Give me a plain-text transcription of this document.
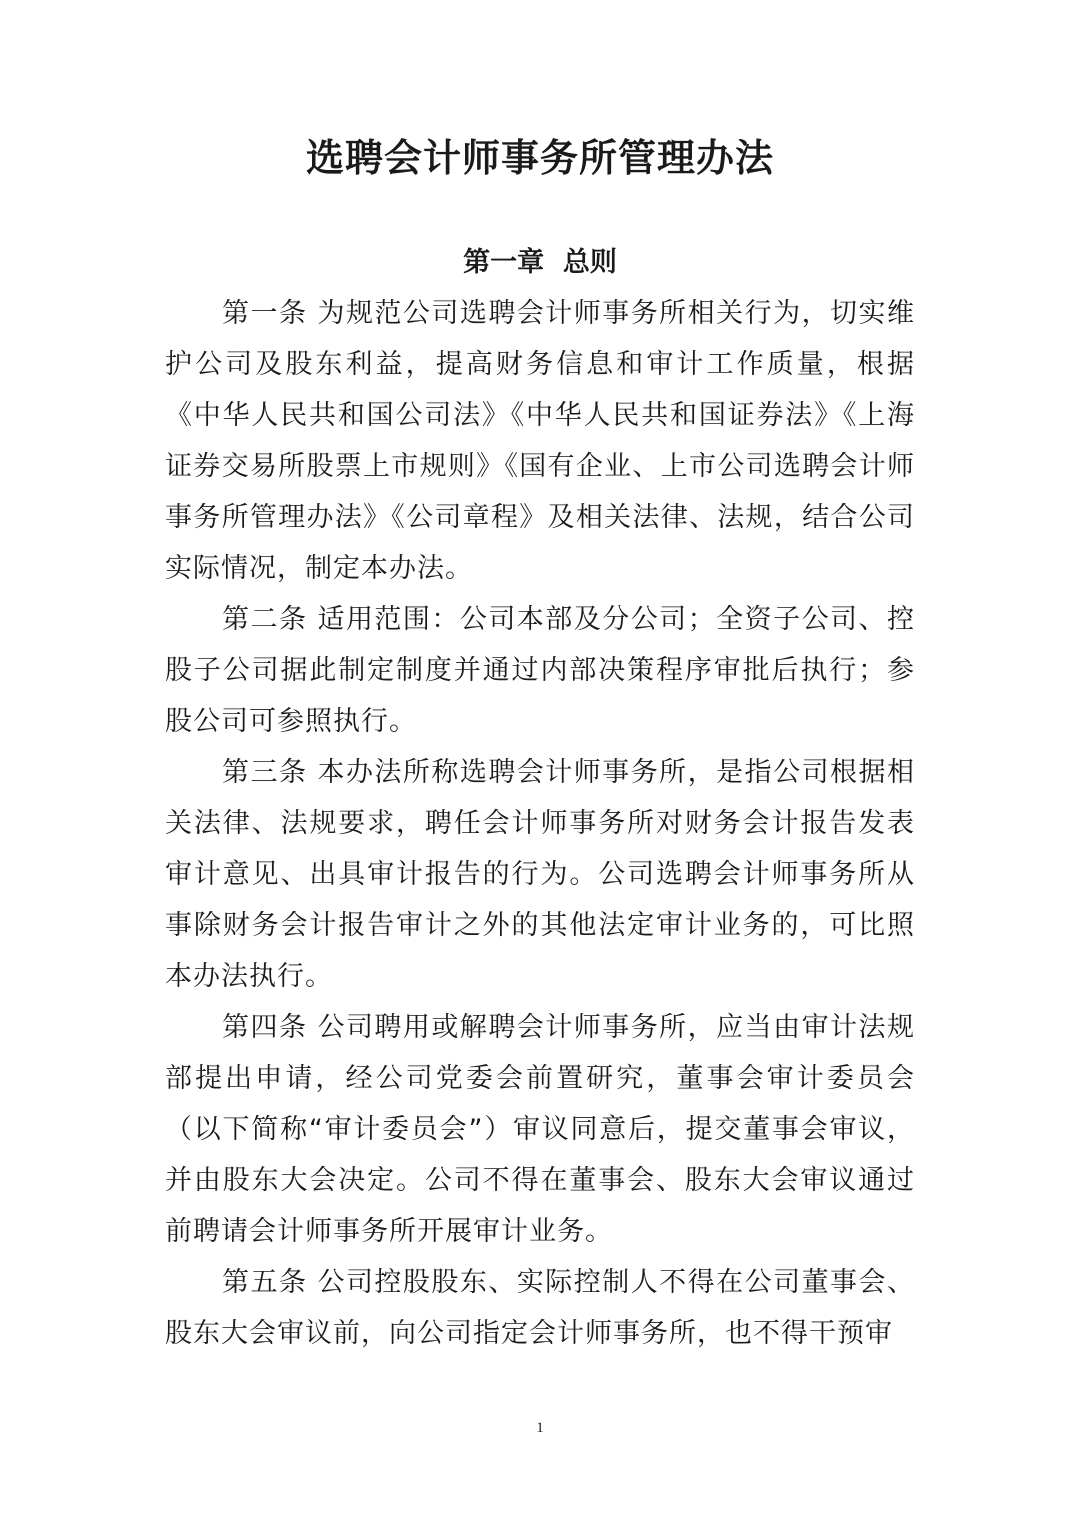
选聘会计师事务所管理办法
第一章  总则

第一条 为规范公司选聘会计师事务所相关行为，切实维护公司及股东利益，提高财务信息和审计工作质量，根据《中华人民共和国公司法》《中华人民共和国证券法》《上海证券交易所股票上市规则》《国有企业、上市公司选聘会计师事务所管理办法》《公司章程》及相关法律、法规，结合公司实际情况，制定本办法。

第二条 适用范围：公司本部及分公司；全资子公司、控股子公司据此制定制度并通过内部决策程序审批后执行；参股公司可参照执行。

第三条 本办法所称选聘会计师事务所，是指公司根据相关法律、法规要求，聘任会计师事务所对财务会计报告发表审计意见、出具审计报告的行为。公司选聘会计师事务所从事除财务会计报告审计之外的其他法定审计业务的，可比照本办法执行。

第四条 公司聘用或解聘会计师事务所，应当由审计法规部提出申请，经公司党委会前置研究，董事会审计委员会（以下简称“审计委员会”）审议同意后，提交董事会审议，并由股东大会决定。公司不得在董事会、股东大会审议通过前聘请会计师事务所开展审计业务。

第五条 公司控股股东、实际控制人不得在公司董事会、股东大会审议前，向公司指定会计师事务所，也不得干预审

1
